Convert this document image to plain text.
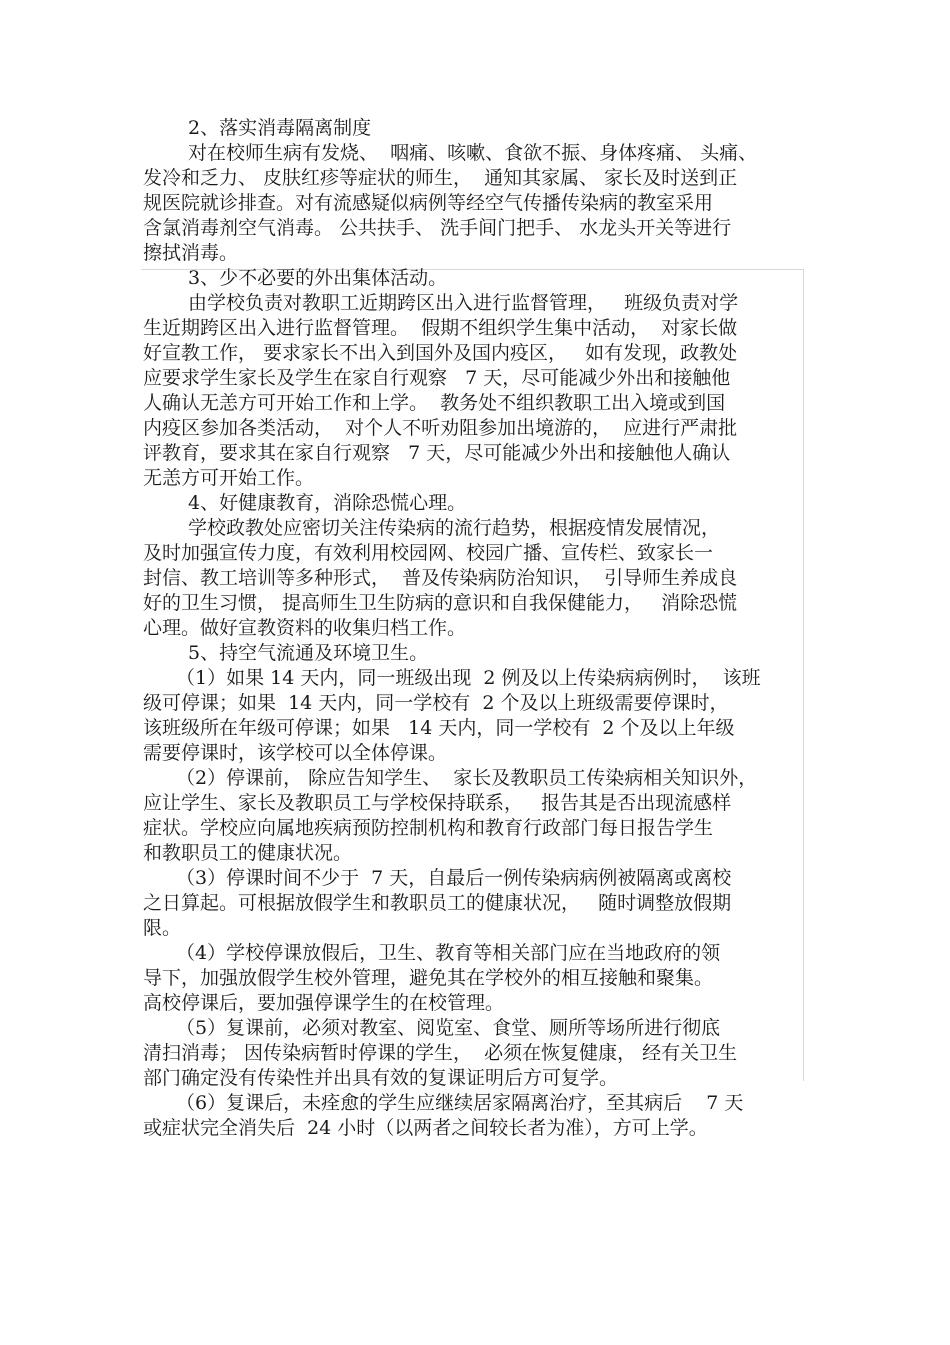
2、落实消毒隔离制度
对在校师生病有发烧、  咽痛、咳嗽、食欲不振、身体疼痛、 头痛、
发冷和乏力、 皮肤红疹等症状的师生，  通知其家属、 家长及时送到正
规医院就诊排查。对有流感疑似病例等经空气传播传染病的教室采用
含氯消毒剂空气消毒。 公共扶手、 洗手间门把手、 水龙头开关等进行
擦拭消毒。
3、少不必要的外出集体活动。
由学校负责对教职工近期跨区出入进行监督管理，   班级负责对学
生近期跨区出入进行监督管理。  假期不组织学生集中活动，  对家长做
好宣教工作， 要求家长不出入到国外及国内疫区，   如有发现，政教处
应要求学生家长及学生在家自行观察   7 天，尽可能减少外出和接触他
人确认无恙方可开始工作和上学。  教务处不组织教职工出入境或到国
内疫区参加各类活动，  对个人不听劝阻参加出境游的，  应进行严肃批
评教育，要求其在家自行观察   7 天，尽可能减少外出和接触他人确认
无恙方可开始工作。
4、好健康教育，消除恐慌心理。
学校政教处应密切关注传染病的流行趋势，根据疫情发展情况，
及时加强宣传力度，有效利用校园网、校园广播、宣传栏、致家长一
封信、教工培训等多种形式，  普及传染病防治知识，  引导师生养成良
好的卫生习惯， 提高师生卫生防病的意识和自我保健能力，   消除恐慌
心理。做好宣教资料的收集归档工作。
5、持空气流通及环境卫生。
（1）如果 14 天内，同一班级出现  2 例及以上传染病病例时，  该班
级可停课；如果  14 天内，同一学校有  2 个及以上班级需要停课时，
该班级所在年级可停课；如果   14 天内，同一学校有  2 个及以上年级
需要停课时，该学校可以全体停课。
（2）停课前， 除应告知学生、  家长及教职员工传染病相关知识外，
应让学生、家长及教职员工与学校保持联系，   报告其是否出现流感样
症状。学校应向属地疾病预防控制机构和教育行政部门每日报告学生
和教职员工的健康状况。
（3）停课时间不少于  7 天，自最后一例传染病病例被隔离或离校
之日算起。可根据放假学生和教职员工的健康状况，   随时调整放假期
限。
（4）学校停课放假后，卫生、教育等相关部门应在当地政府的领
导下，加强放假学生校外管理，避免其在学校外的相互接触和聚集。
高校停课后，要加强停课学生的在校管理。
（5）复课前，必须对教室、阅览室、食堂、厕所等场所进行彻底
清扫消毒； 因传染病暂时停课的学生，  必须在恢复健康， 经有关卫生
部门确定没有传染性并出具有效的复课证明后方可复学。
（6）复课后，未痊愈的学生应继续居家隔离治疗，至其病后    7 天
或症状完全消失后  24 小时（以两者之间较长者为准），方可上学。
